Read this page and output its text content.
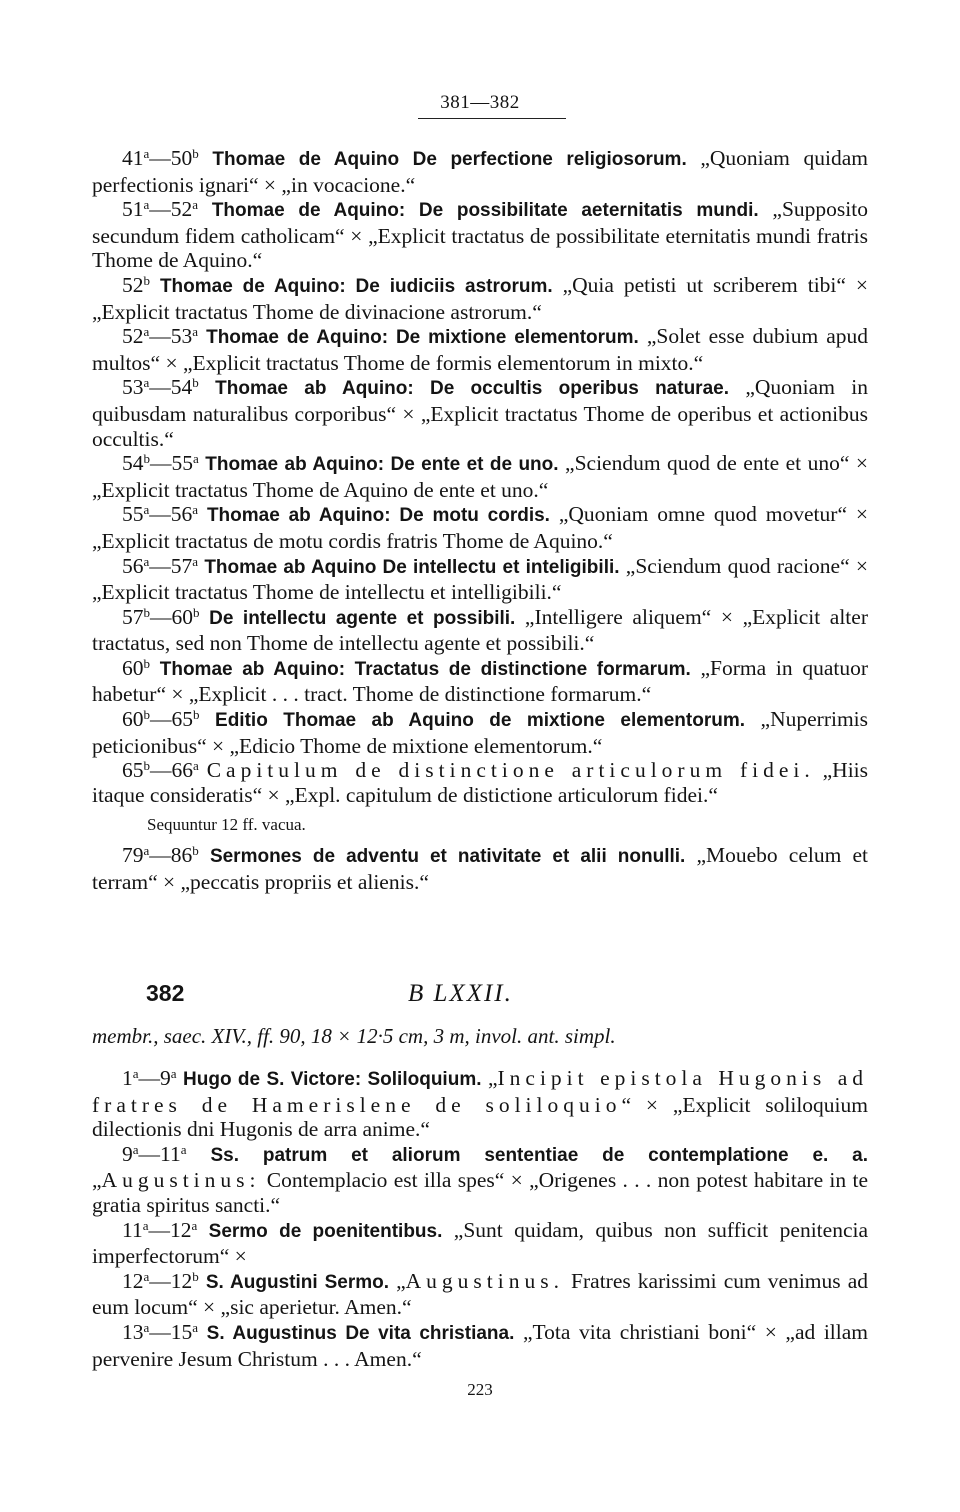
381—382

41$^a$—50$^b$ Thomae de Aquino De perfectione religiosorum. „Quoniam quidam perfectionis ignari“ × „in vocacione.“

51$^a$—52$^a$ Thomae de Aquino: De possibilitate aeternitatis mundi. „Supposito secundum fidem catholicam“ × „Explicit tractatus de possibilitate eternitatis mundi fratris Thome de Aquino.“

52$^b$ Thomae de Aquino: De iudiciis astrorum. „Quia petisti ut scriberem tibi“ × „Explicit tractatus Thome de divinacione astrorum.“

52$^a$—53$^a$ Thomae de Aquino: De mixtione elementorum. „Solet esse dubium apud multos“ × „Explicit tractatus Thome de formis elementorum in mixto.“

53$^a$—54$^b$ Thomae ab Aquino: De occultis operibus naturae. „Quoniam in quibusdam naturalibus corporibus“ × „Explicit tractatus Thome de operibus et actionibus occultis.“

54$^b$—55$^a$ Thomae ab Aquino: De ente et de uno. „Sciendum quod de ente et uno“ × „Explicit tractatus Thome de Aquino de ente et uno.“

55$^a$—56$^a$ Thomae ab Aquino: De motu cordis. „Quoniam omne quod movetur“ × „Explicit tractatus de motu cordis fratris Thome de Aquino.“

56$^a$—57$^a$ Thomae ab Aquino De intellectu et inteligibili. „Sciendum quod racione“ × „Explicit tractatus Thome de intellectu et intelligibili.“

57$^b$—60$^b$ De intellectu agente et possibili. „Intelligere aliquem“ × „Explicit alter tractatus, sed non Thome de intellectu agente et possibili.“

60$^b$ Thomae ab Aquino: Tractatus de distinctione formarum. „Forma in quatuor habetur“ × „Explicit . . . tract. Thome de distinctione formarum.“

60$^b$—65$^b$ Editio Thomae ab Aquino de mixtione elementorum. „Nuperrimis peticionibus“ × „Edicio Thome de mixtione elementorum.“

65$^b$—66$^a$ Capitulum de distinctione articulorum fidei. „Hiis itaque consideratis“ × „Expl. capitulum de distictione articulorum fidei.“

Sequuntur 12 ff. vacua.

79$^a$—86$^b$ Sermones de adventu et nativitate et alii nonulli. „Mouebo celum et terram“ × „peccatis propriis et alienis.“

382	B LXXII.
membr., saec. XIV., ff. 90, 18 × 12·5 cm, 3 m, invol. ant. simpl.

1$^a$—9$^a$ Hugo de S. Victore: Soliloquium. „Incipit epistola Hugonis ad fratres de Hamerislene de soliloquio“ × „Explicit soliloquium dilectionis dni Hugonis de arra anime.“

9$^a$—11$^a$ Ss. patrum et aliorum sententiae de contemplatione e. a. „Augustinus: Contemplacio est illa spes“ × „Origenes . . . non potest habitare in te gratia spiritus sancti.“

11$^a$—12$^a$ Sermo de poenitentibus. „Sunt quidam, quibus non sufficit penitencia imperfectorum“ ×

12$^a$—12$^b$ S. Augustini Sermo. „Augustinus. Fratres karissimi cum venimus ad eum locum“ × „sic aperietur. Amen.“

13$^a$—15$^a$ S. Augustinus De vita christiana. „Tota vita christiani boni“ × „ad illam pervenire Jesum Christum . . . Amen.“

223
